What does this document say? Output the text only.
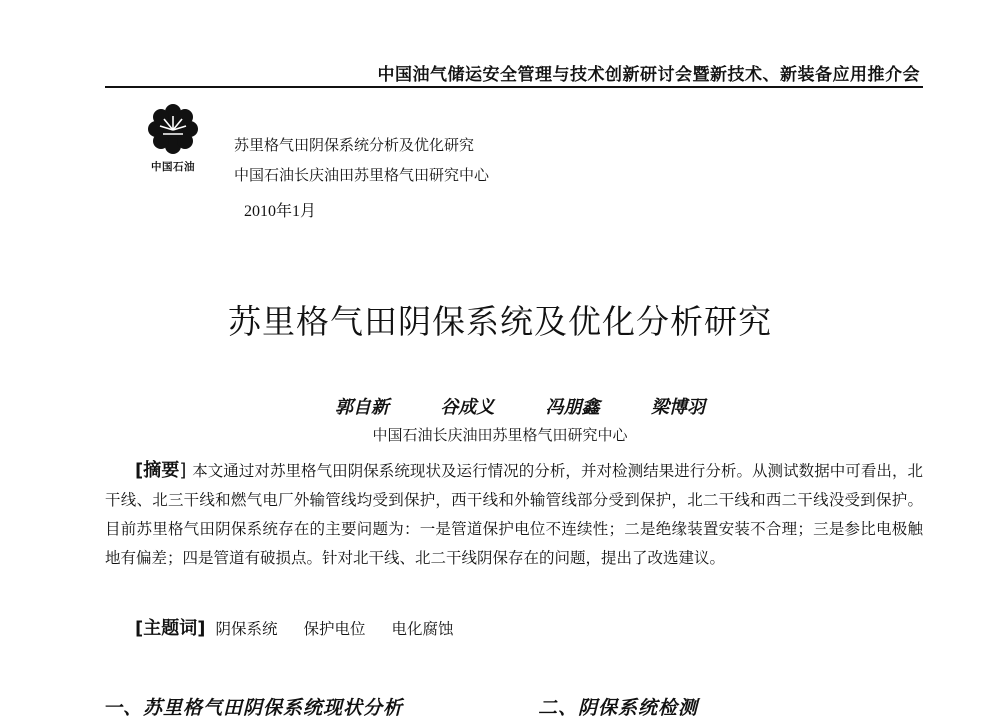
中国油气储运安全管理与技术创新研讨会暨新技术、新装备应用推介会
中国石油
苏里格气田阴保系统分析及优化研究
中国石油长庆油田苏里格气田研究中心
2010年1月
苏里格气田阴保系统及优化分析研究
郭自新	谷成义	冯朋鑫	梁博羽
中国石油长庆油田苏里格气田研究中心
[摘要] 本文通过对苏里格气田阴保系统现状及运行情况的分析，并对检测结果进行分析。从测试数据中可看出，北干线、北三干线和燃气电厂外输管线均受到保护，西干线和外输管线部分受到保护，北二干线和西二干线没受到保护。目前苏里格气田阴保系统存在的主要问题为：一是管道保护电位不连续性；二是绝缘装置安装不合理；三是参比电极触地有偏差；四是管道有破损点。针对北干线、北二干线阴保存在的问题，提出了改选建议。
[主题词] 阴保系统 保护电位 电化腐蚀
一、苏里格气田阴保系统现状分析	二、阴保系统检测
